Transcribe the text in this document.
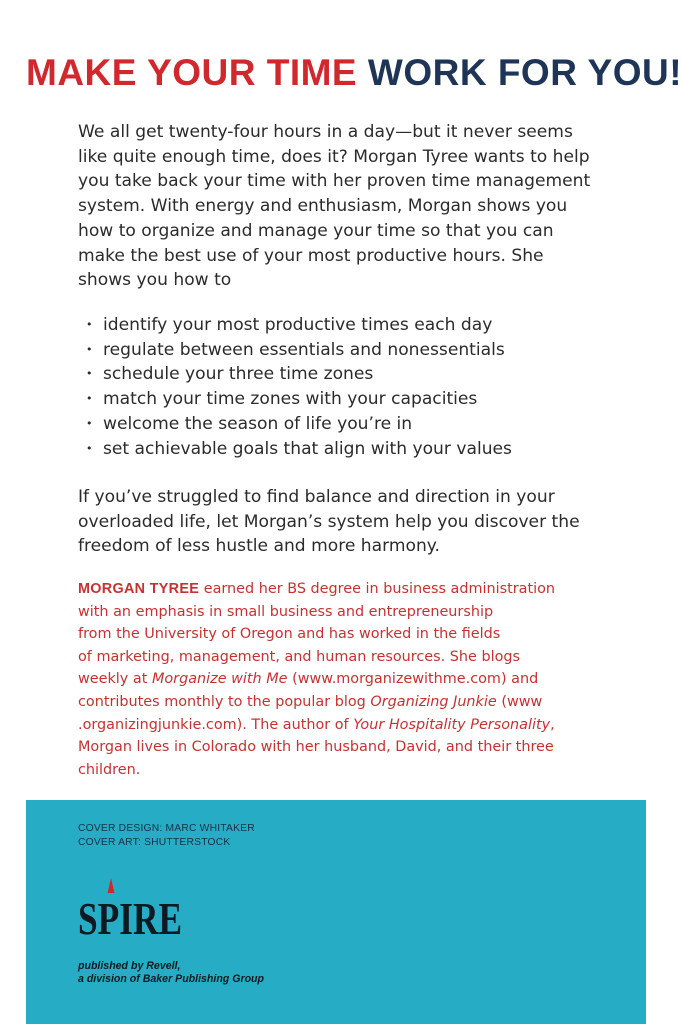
MAKE YOUR TIME WORK FOR YOU!
We all get twenty-four hours in a day—but it never seems
like quite enough time, does it? Morgan Tyree wants to help
you take back your time with her proven time management
system. With energy and enthusiasm, Morgan shows you
how to organize and manage your time so that you can
make the best use of your most productive hours. She
shows you how to
• identify your most productive times each day
• regulate between essentials and nonessentials
• schedule your three time zones
• match your time zones with your capacities
• welcome the season of life you’re in
• set achievable goals that align with your values
If you’ve struggled to find balance and direction in your
overloaded life, let Morgan’s system help you discover the
freedom of less hustle and more harmony.
MORGAN TYREE earned her BS degree in business administration
with an emphasis in small business and entrepreneurship
from the University of Oregon and has worked in the fields
of marketing, management, and human resources. She blogs
weekly at Morganize with Me (www.morganizewithme.com) and
contributes monthly to the popular blog Organizing Junkie (www
.organizingjunkie.com). The author of Your Hospitality Personality,
Morgan lives in Colorado with her husband, David, and their three
children.
COVER DESIGN: MARC WHITAKER
COVER ART: SHUTTERSTOCK
SPIRE
published by Revell,
a division of Baker Publishing Group
